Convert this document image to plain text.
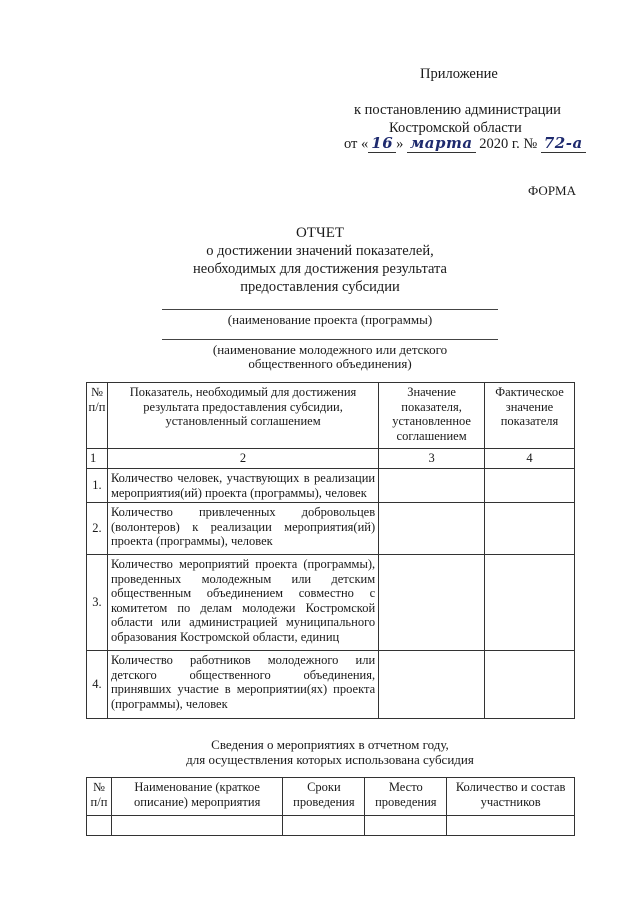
Приложение
к постановлению администрации
Костромской области
от « 16 » марта 2020 г. № 72-а
ФОРМА
ОТЧЕТ
о достижении значений показателей,
необходимых для достижения результата
предоставления субсидии
(наименование проекта (программы)
(наименование молодежного или детского
общественного объединения)
№ п/п	Показатель, необходимый для достижения результата предоставления субсидии, установленный соглашением	Значение показателя, установленное соглашением	Фактическое значение показателя
1	2	3	4
1.	Количество человек, участвующих в реализации мероприятия(ий) проекта (программы), человек		
2.	Количество привлеченных добровольцев (волонтеров) к реализации мероприятия(ий) проекта (программы), человек		
3.	Количество мероприятий проекта (программы), проведенных молодежным или детским общественным объединением совместно с комитетом по делам молодежи Костромской области или администрацией муниципального образования Костромской области, единиц		
4.	Количество работников молодежного или детского общественного объединения, принявших участие в мероприятии(ях) проекта (программы), человек		
Сведения о мероприятиях в отчетном году,
для осуществления которых использована субсидия
№ п/п	Наименование (краткое описание) мероприятия	Сроки проведения	Место проведения	Количество и состав участников
